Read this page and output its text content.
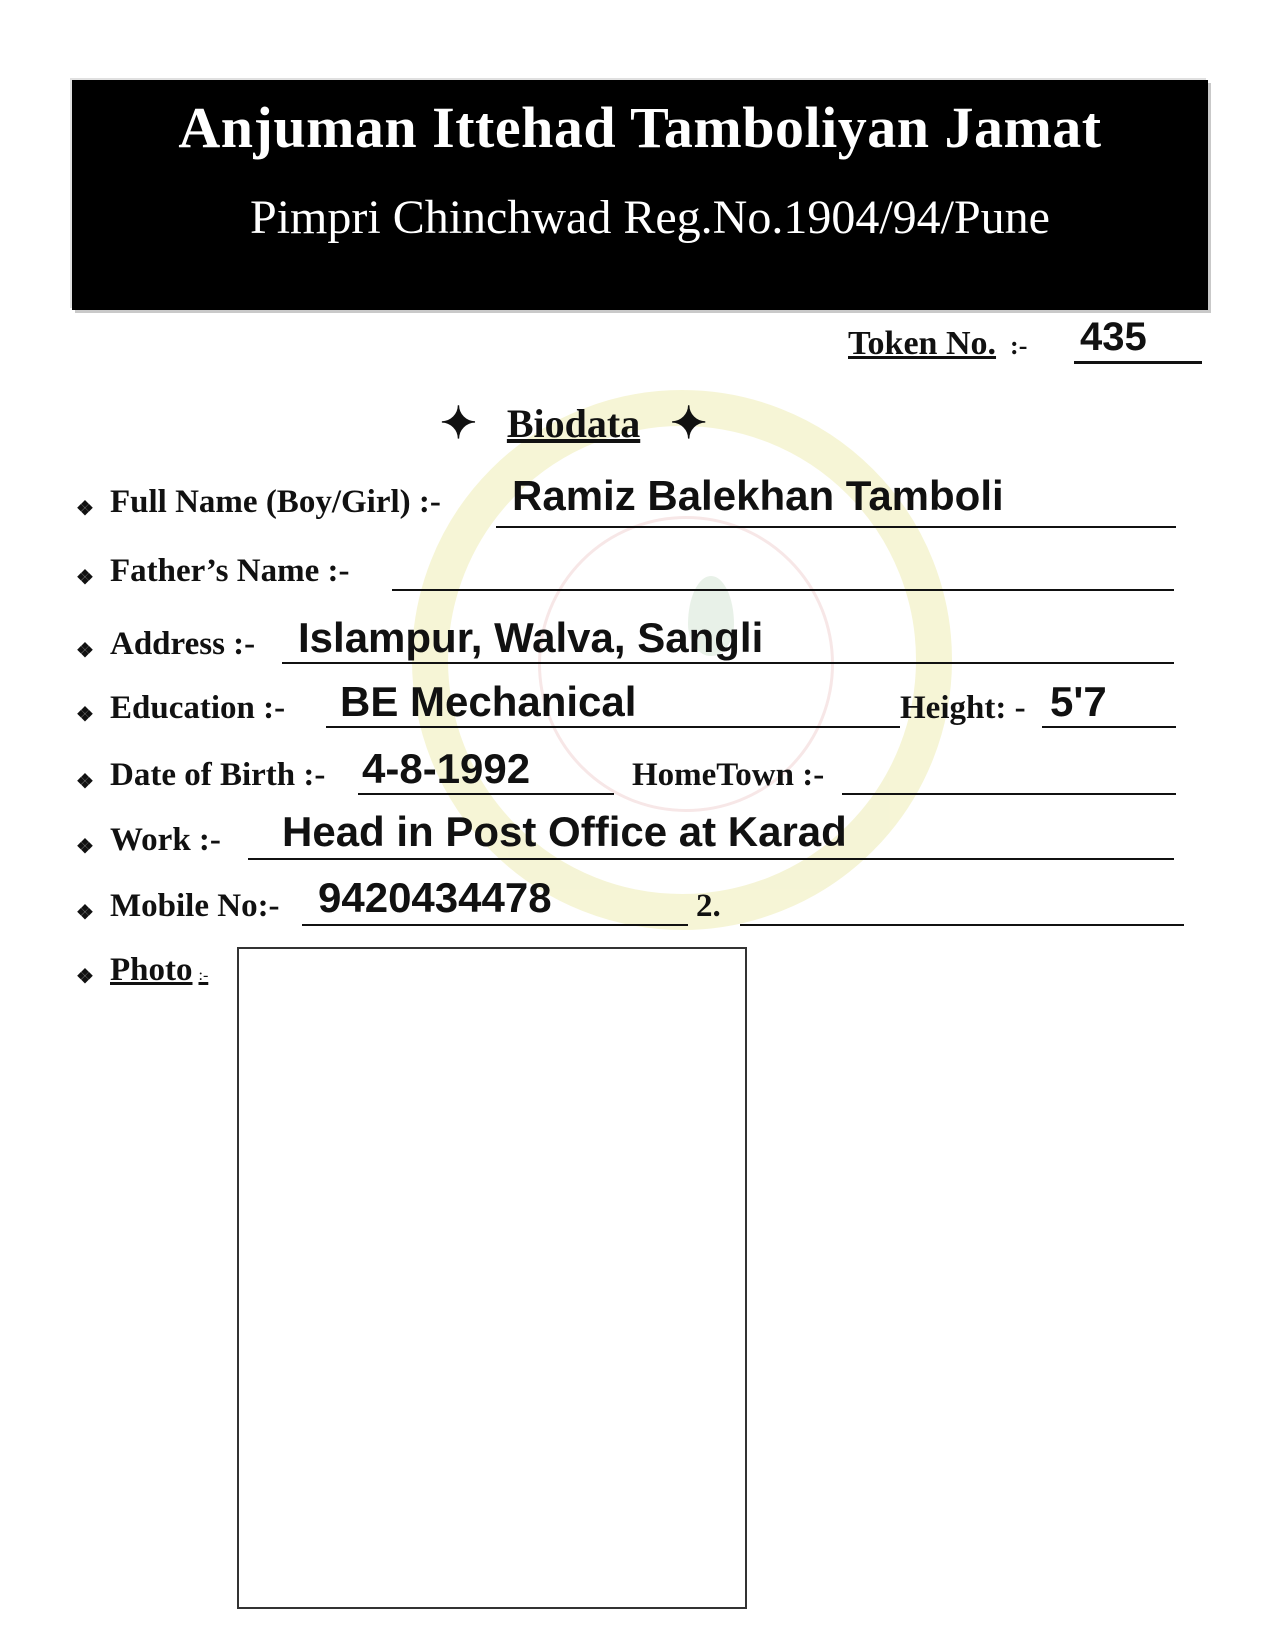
Anjuman Ittehad Tamboliyan Jamat
Pimpri Chinchwad Reg.No.1904/94/Pune
Token No. :- 435
✦ Biodata ✦
❖ Full Name (Boy/Girl) :- Ramiz Balekhan Tamboli
❖ Father’s Name :-
❖ Address :- Islampur, Walva, Sangli
❖ Education :- BE Mechanical	Height: - 5'7
❖ Date of Birth :- 4-8-1992	HomeTown :-
❖ Work :- Head in Post Office at Karad
❖ Mobile No:- 9420434478	2.
❖ Photo :-
